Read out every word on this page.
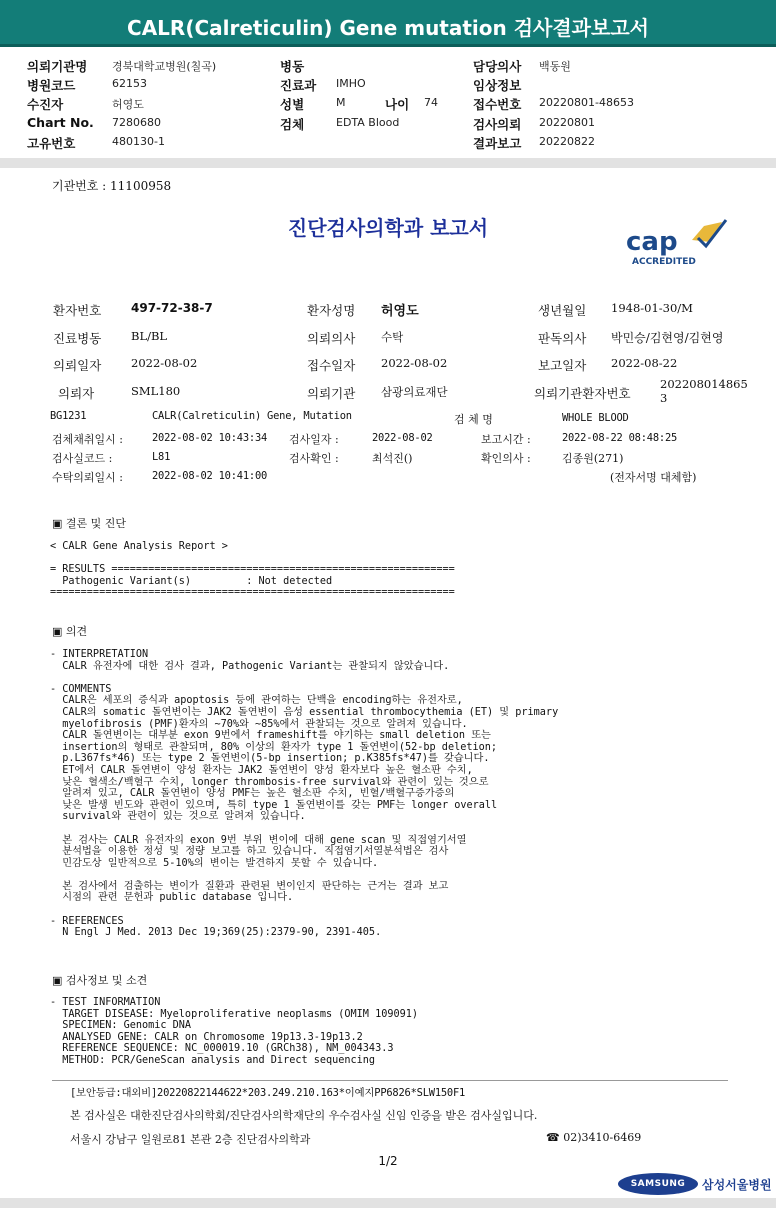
CALR(Calreticulin) Gene mutation 검사결과보고서
의뢰기관명 경북대학교병원(칠곡)
병원코드	62153
수진자	허영도
Chart No. 7280680
고유번호	480130-1
병동
진료과 IMHO
성별	M	나이 74
검체	EDTA Blood
담당의사 백동원
임상정보
접수번호 20220801-48653
검사의뢰 20220801
결과보고 20220822
기관번호 : 11100958
진단검사의학과 보고서	cap
ACCREDITED
환자번호 497-72-38-7	환자성명 허영도	생년월일 1948-01-30/M
진료병동	BL/BL	의뢰의사 수탁	판독의사 박민승/김현영/김현영
의뢰일자	2022-08-02	접수일자 2022-08-02	보고일자 2022-08-22
의뢰자	SML180	의뢰기관 삼광의료재단	의뢰기관환자번호
202208014865
3
BG1231	CALR(Calreticulin) Gene, Mutation	검 체 명	WHOLE BLOOD
검체채취일시 :	2022-08-02 10:43:34 검사일자 :	2022-08-02	보고시간 :	2022-08-22 08:48:25
검사실코드 :	L81	검사확인 :	최석진()	확인의사 :	김종원(271)
수탁의뢰일시 :	2022-08-02 10:41:00	(전자서명 대체함)
▣ 결론 및 진단
< CALR Gene Analysis Report >

= RESULTS ========================================================
Pathogenic Variant(s)         : Not detected
==================================================================
▣ 의견
- INTERPRETATION
CALR 유전자에 대한 검사 결과, Pathogenic Variant는 관찰되지 않았습니다.

- COMMENTS
CALR은 세포의 증식과 apoptosis 등에 관여하는 단백을 encoding하는 유전자로,
CALR의 somatic 돌연변이는 JAK2 돌연변이 음성 essential thrombocythemia (ET) 및 primary
myelofibrosis (PMF)환자의 ~70%와 ~85%에서 관찰되는 것으로 알려져 있습니다.
CALR 돌연변이는 대부분 exon 9번에서 frameshift를 야기하는 small deletion 또는
insertion의 형태로 관찰되며, 80% 이상의 환자가 type 1 돌연변이(52-bp deletion;
p.L367fs*46) 또는 type 2 돌연변이(5-bp insertion; p.K385fs*47)를 갖습니다.
ET에서 CALR 돌연변이 양성 환자는 JAK2 돌연변이 양성 환자보다 높은 혈소판 수치,
낮은 혈색소/백혈구 수치, longer thrombosis-free survival와 관련이 있는 것으로
알려져 있고, CALR 돌연변이 양성 PMF는 높은 혈소판 수치, 빈혈/백혈구증가증의
낮은 발생 빈도와 관련이 있으며, 특히 type 1 돌연변이를 갖는 PMF는 longer overall
survival와 관련이 있는 것으로 알려져 있습니다.

본 검사는 CALR 유전자의 exon 9번 부위 변이에 대해 gene scan 및 직접염기서열
분석법을 이용한 정성 및 정량 보고를 하고 있습니다. 직접염기서열분석법은 검사
민감도상 일반적으로 5-10%의 변이는 발견하지 못할 수 있습니다.

본 검사에서 검출하는 변이가 질환과 관련된 변이인지 판단하는 근거는 결과 보고
시점의 관련 문헌과 public database 입니다.

- REFERENCES
N Engl J Med. 2013 Dec 19;369(25):2379-90, 2391-405.
▣ 검사정보 및 소견
- TEST INFORMATION
TARGET DISEASE: Myeloproliferative neoplasms (OMIM 109091)
SPECIMEN: Genomic DNA
ANALYSED GENE: CALR on Chromosome 19p13.3-19p13.2
REFERENCE SEQUENCE: NC_000019.10 (GRCh38), NM_004343.3
METHOD: PCR/GeneScan analysis and Direct sequencing
[보안등급:대외비]20220822144622*203.249.210.163*이예지PP6826*SLW150F1
본 검사실은 대한진단검사의학회/진단검사의학재단의 우수검사실 신임 인증을 받은 검사실입니다.
서울시 강남구 일원로81 본관 2층 진단검사의학과	☎ 02)3410-6469
1/2
SAMSUNG	삼성서울병원
